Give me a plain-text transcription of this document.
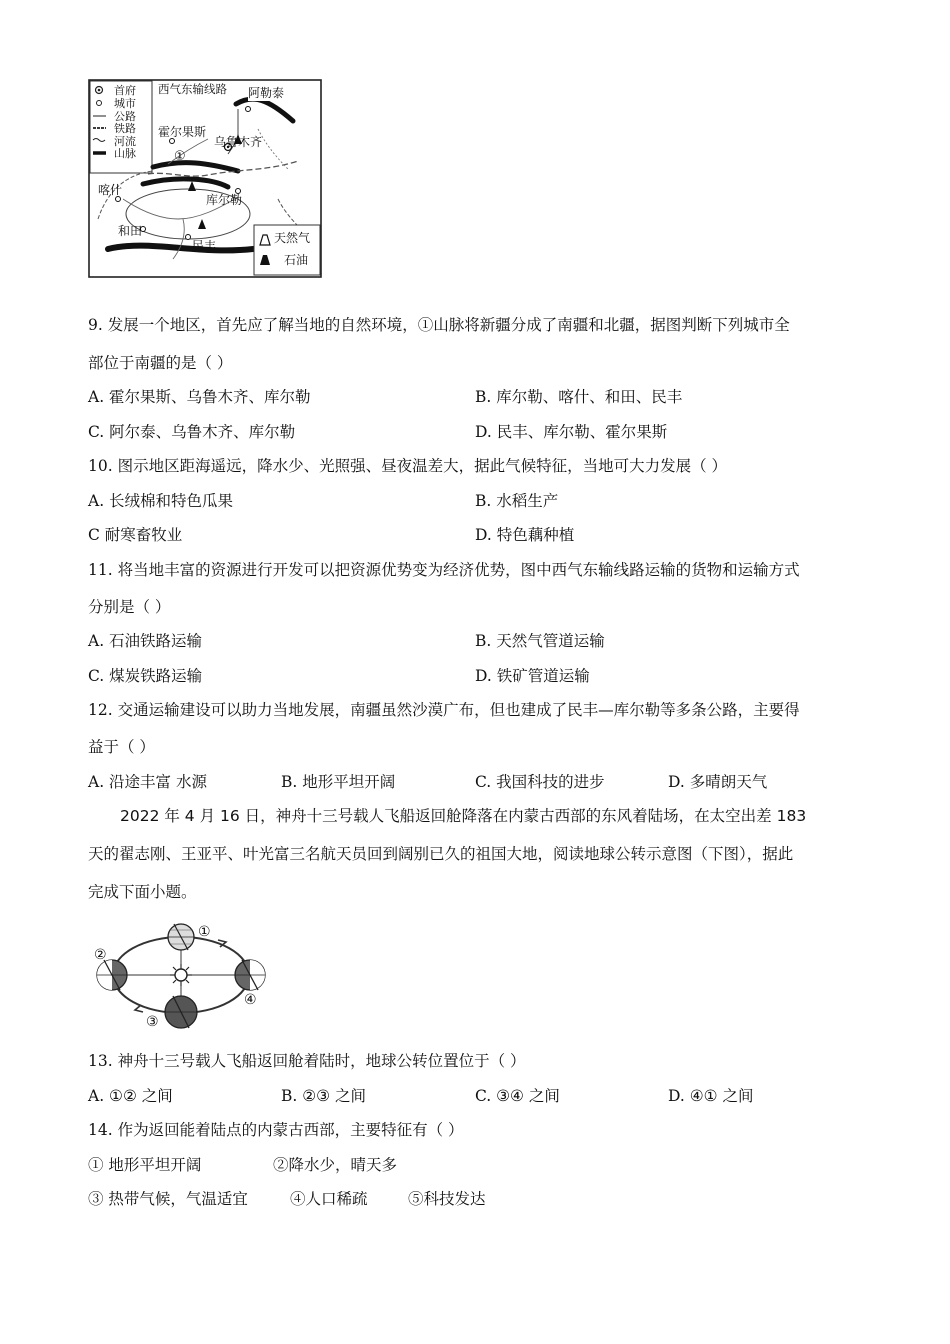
首府
城市
公路
铁路
河流
山脉
天然气
石油
西气东输线路 阿勒泰
霍尔果斯
乌鲁木齐
①
喀什
库尔勒
和田
民丰
9. 发展一个地区，首先应了解当地的自然环境，①山脉将新疆分成了南疆和北疆，据图判断下列城市全
部位于南疆的是（ ）
A. 霍尔果斯、乌鲁木齐、库尔勒	B. 库尔勒、喀什、和田、民丰
C. 阿尔泰、乌鲁木齐、库尔勒	D. 民丰、库尔勒、霍尔果斯
10. 图示地区距海遥远，降水少、光照强、昼夜温差大，据此气候特征，当地可大力发展（ ）
A. 长绒棉和特色瓜果	B. 水稻生产
C 耐寒畜牧业	D. 特色藕种植
11. 将当地丰富的资源进行开发可以把资源优势变为经济优势，图中西气东输线路运输的货物和运输方式
分别是（ ）
A. 石油铁路运输	B. 天然气管道运输
C. 煤炭铁路运输	D. 铁矿管道运输
12. 交通运输建设可以助力当地发展，南疆虽然沙漠广布，但也建成了民丰—库尔勒等多条公路，主要得
益于（ ）
A. 沿途丰富 水源	B. 地形平坦开阔	C. 我国科技的进步	D. 多晴朗天气
2022 年 4 月 16 日，神舟十三号载人飞船返回舱降落在内蒙古西部的东风着陆场，在太空出差 183
天的翟志刚、王亚平、叶光富三名航天员回到阔别已久的祖国大地，阅读地球公转示意图（下图），据此
完成下面小题。
①
②
③
④
13. 神舟十三号载人飞船返回舱着陆时，地球公转位置位于（ ）
A. ①② 之间	B. ②③ 之间	C. ③④ 之间	D. ④① 之间
14. 作为返回能着陆点的内蒙古西部，主要特征有（ ）
① 地形平坦开阔	②降水少，晴天多
③ 热带气候，气温适宜	④人口稀疏	⑤科技发达
